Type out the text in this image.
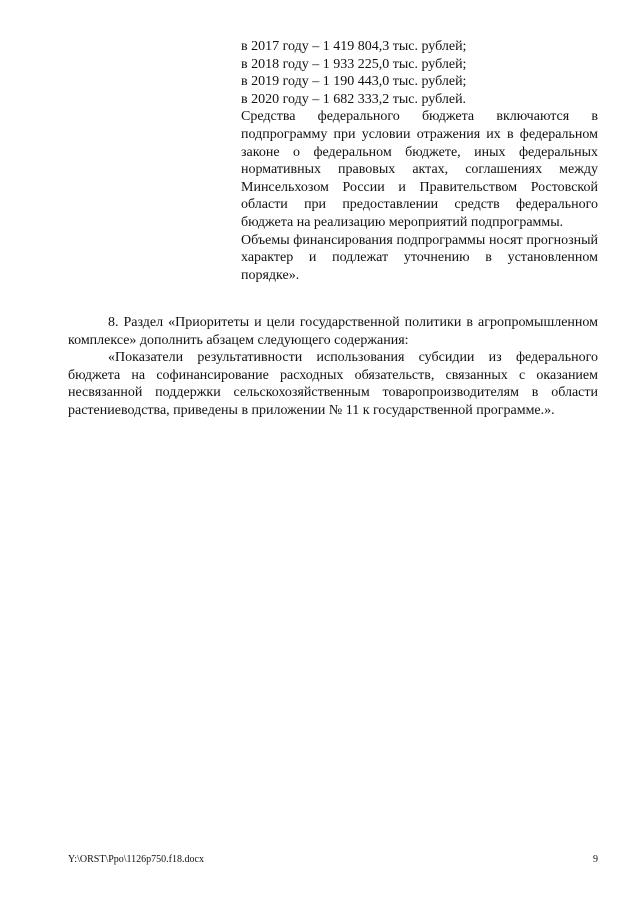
в 2017 году – 1 419 804,3 тыс. рублей;
в 2018 году – 1 933 225,0 тыс. рублей;
в 2019 году – 1 190 443,0 тыс. рублей;
в 2020 году – 1 682 333,2 тыс. рублей.
Средства федерального бюджета включаются в подпрограмму при условии отражения их в федеральном законе о федеральном бюджете, иных федеральных нормативных правовых актах, соглашениях между Минсельхозом России и Правительством Ростовской области при предоставлении средств федерального бюджета на реализацию мероприятий подпрограммы.
Объемы финансирования подпрограммы носят прогнозный характер и подлежат уточнению в установленном порядке».

8. Раздел «Приоритеты и цели государственной политики в агропромышленном комплексе» дополнить абзацем следующего содержания:

«Показатели результативности использования субсидии из федерального бюджета на софинансирование расходных обязательств, связанных с оказанием несвязанной поддержки сельскохозяйственным товаропроизводителям в области растениеводства, приведены в приложении № 11 к государственной программе.».

Y:\ORST\Ppo\1126p750.f18.docx	9
